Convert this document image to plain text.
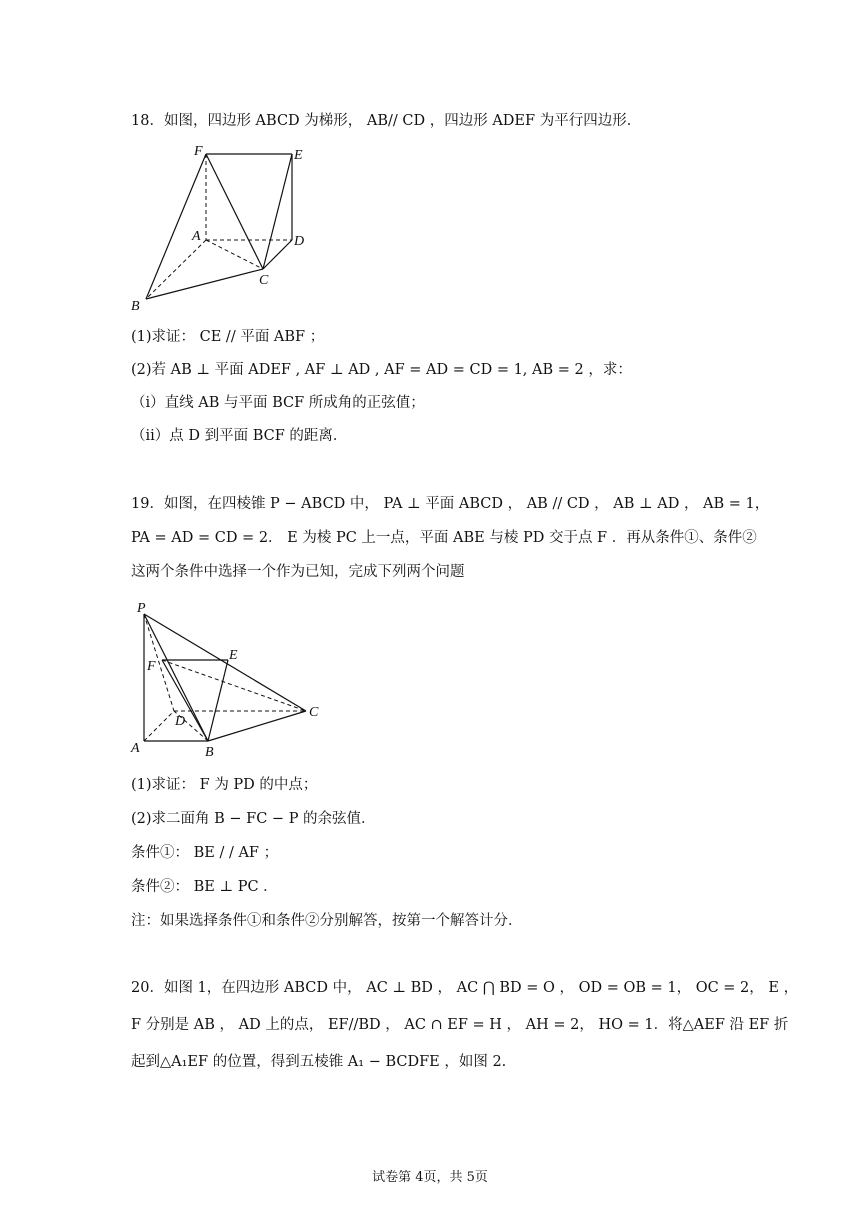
18．如图，四边形 ABCD 为梯形， AB// CD ，四边形 ADEF 为平行四边形．
F	E
A	D
C
B
(1)求证： CE // 平面 ABF ；
(2)若 AB ⊥ 平面 ADEF , AF ⊥ AD , AF = AD = CD = 1, AB = 2 ，求：
（ⅰ）直线 AB 与平面 BCF 所成角的正弦值；
（ⅱ）点 D 到平面 BCF 的距离．
19．如图，在四棱锥 P − ABCD 中， PA ⊥ 平面 ABCD ， AB // CD ， AB ⊥ AD ， AB = 1，
PA = AD = CD = 2． E 为棱 PC 上一点，平面 ABE 与棱 PD 交于点 F ．再从条件①、条件②
这两个条件中选择一个作为已知，完成下列两个问题
P
F
E
D
C
A	B
(1)求证： F 为 PD 的中点；
(2)求二面角 B − FC − P 的余弦值．
条件①： BE / / AF ；
条件②： BE ⊥ PC ．
注：如果选择条件①和条件②分别解答，按第一个解答计分．
20．如图 1，在四边形 ABCD 中， AC ⊥ BD ， AC ⋂ BD = O ， OD = OB = 1， OC = 2， E ，
F 分别是 AB ， AD 上的点， EF//BD ， AC ∩ EF = H ， AH = 2， HO = 1．将△AEF 沿 EF 折
起到△A₁EF 的位置，得到五棱锥 A₁ − BCDFE ，如图 2.
试卷第 4页，共 5页
